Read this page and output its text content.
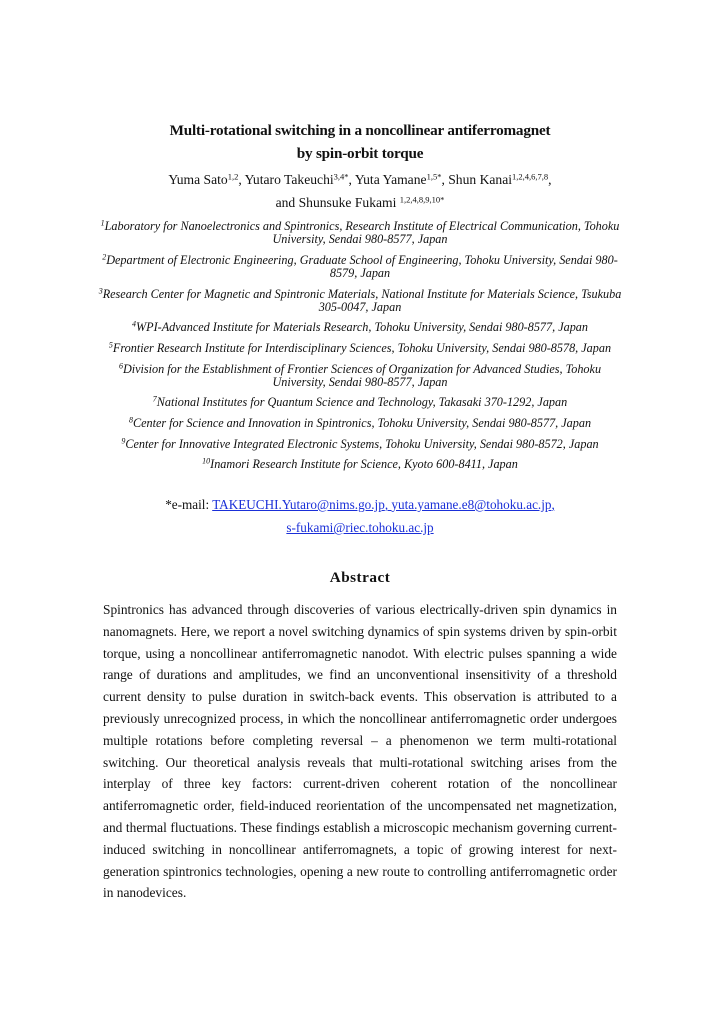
Multi-rotational switching in a noncollinear antiferromagnet
by spin-orbit torque
Yuma Sato$^{1,2}$, Yutaro Takeuchi$^{3,4*}$, Yuta Yamane$^{1,5*}$, Shun Kanai$^{1,2,4,6,7,8}$,
and Shunsuke Fukami $^{1,2,4,8,9,10*}$
$^1$Laboratory for Nanoelectronics and Spintronics, Research Institute of Electrical Communication, Tohoku University, Sendai 980-8577, Japan
$^2$Department of Electronic Engineering, Graduate School of Engineering, Tohoku University, Sendai 980-8579, Japan
$^3$Research Center for Magnetic and Spintronic Materials, National Institute for Materials Science, Tsukuba 305-0047, Japan
$^4$WPI-Advanced Institute for Materials Research, Tohoku University, Sendai 980-8577, Japan
$^5$Frontier Research Institute for Interdisciplinary Sciences, Tohoku University, Sendai 980-8578, Japan
$^6$Division for the Establishment of Frontier Sciences of Organization for Advanced Studies, Tohoku University, Sendai 980-8577, Japan
$^7$National Institutes for Quantum Science and Technology, Takasaki 370-1292, Japan
$^8$Center for Science and Innovation in Spintronics, Tohoku University, Sendai 980-8577, Japan
$^9$Center for Innovative Integrated Electronic Systems, Tohoku University, Sendai 980-8572, Japan
$^{10}$Inamori Research Institute for Science, Kyoto 600-8411, Japan
*e-mail: TAKEUCHI.Yutaro@nims.go.jp, yuta.yamane.e8@tohoku.ac.jp,
s-fukami@riec.tohoku.ac.jp
Abstract
Spintronics has advanced through discoveries of various electrically-driven spin dynamics in nanomagnets. Here, we report a novel switching dynamics of spin systems driven by spin-orbit torque, using a noncollinear antiferromagnetic nanodot. With electric pulses spanning a wide range of durations and amplitudes, we find an unconventional insensitivity of a threshold current density to pulse duration in switch-back events. This observation is attributed to a previously unrecognized process, in which the noncollinear antiferromagnetic order undergoes multiple rotations before completing reversal – a phenomenon we term multi-rotational switching. Our theoretical analysis reveals that multi-rotational switching arises from the interplay of three key factors: current-driven coherent rotation of the noncollinear antiferromagnetic order, field-induced reorientation of the uncompensated net magnetization, and thermal fluctuations. These findings establish a microscopic mechanism governing current-induced switching in noncollinear antiferromagnets, a topic of growing interest for next-generation spintronics technologies, opening a new route to controlling antiferromagnetic order in nanodevices.
